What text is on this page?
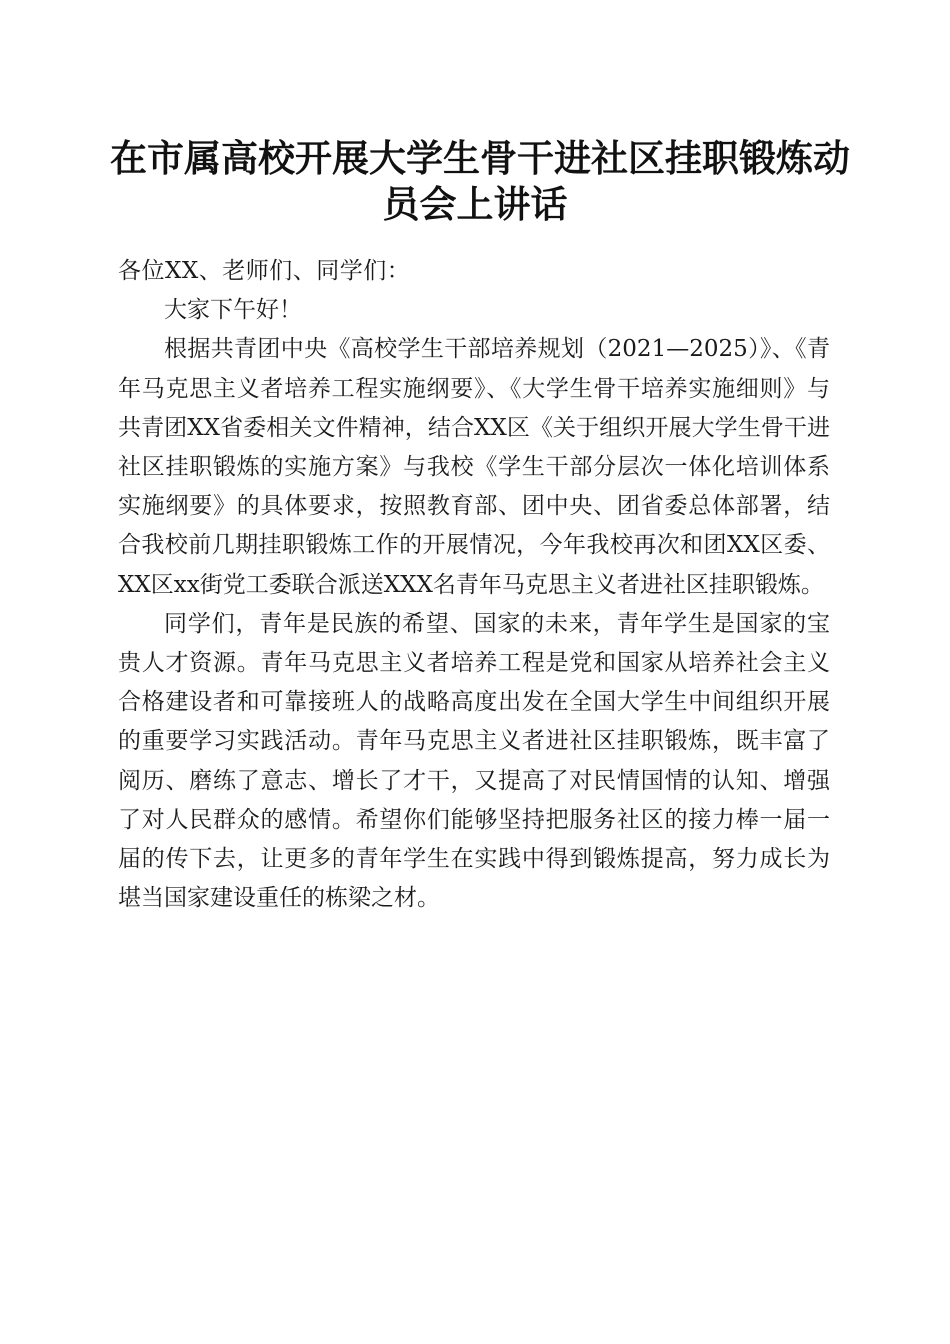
在市属高校开展大学生骨干进社区挂职锻炼动
员会上讲话

各位XX、老师们、同学们：

大家下午好！

根据共青团中央《高校学生干部培养规划（2021—2025）》、《青年马克思主义者培养工程实施纲要》、《大学生骨干培养实施细则》与共青团XX省委相关文件精神，结合XX区《关于组织开展大学生骨干进社区挂职锻炼的实施方案》与我校《学生干部分层次一体化培训体系实施纲要》的具体要求，按照教育部、团中央、团省委总体部署，结合我校前几期挂职锻炼工作的开展情况，今年我校再次和团XX区委、XX区xx街党工委联合派送XXX名青年马克思主义者进社区挂职锻炼。

同学们，青年是民族的希望、国家的未来，青年学生是国家的宝贵人才资源。青年马克思主义者培养工程是党和国家从培养社会主义合格建设者和可靠接班人的战略高度出发在全国大学生中间组织开展的重要学习实践活动。青年马克思主义者进社区挂职锻炼，既丰富了阅历、磨练了意志、增长了才干，又提高了对民情国情的认知、增强了对人民群众的感情。希望你们能够坚持把服务社区的接力棒一届一届的传下去，让更多的青年学生在实践中得到锻炼提高，努力成长为堪当国家建设重任的栋梁之材。
